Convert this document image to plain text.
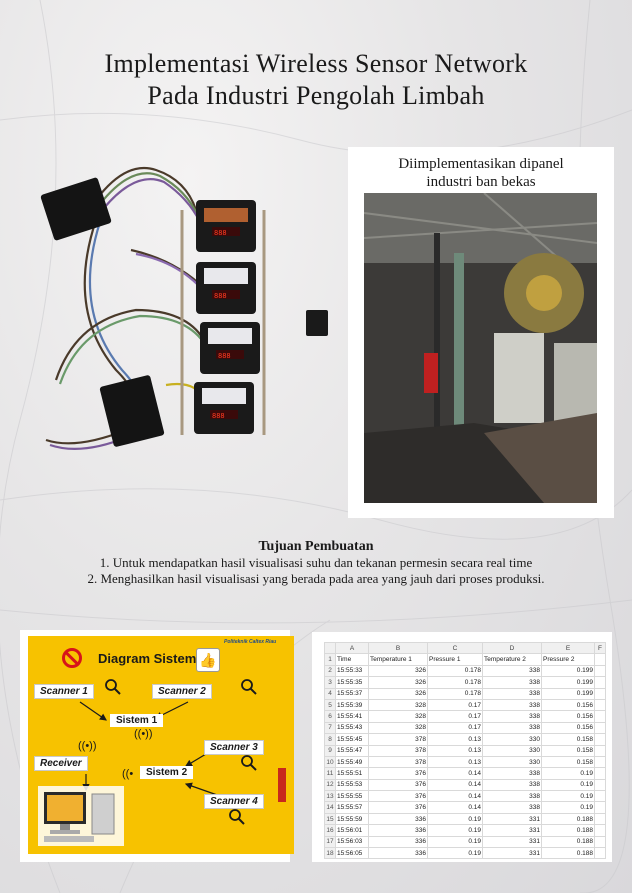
Implementasi Wireless Sensor Network
Pada Industri Pengolah Limbah
888
888
888
888
Diimplementasikan dipanel
industri ban bekas
Tujuan Pembuatan
1. Untuk mendapatkan hasil visualisasi suhu dan tekanan permesin secara real time
2. Menghasilkan hasil visualisasi yang berada pada area yang jauh dari proses produksi.
Diagram Sistem 👍
Politeknik Caltex Riau
Scanner 1	Scanner 2
Sistem 1
((•))
((•))
Receiver
Scanner 3
((•	Sistem 2
Scanner 4
	A	B	C	D	E	F
1	Time	Temperature 1	Pressure 1	Temperature 2	Pressure 2	
2	15:55:33	326	0.178	338	0.199	
3	15:55:35	326	0.178	338	0.199	
4	15:55:37	326	0.178	338	0.199	
5	15:55:39	328	0.17	338	0.156	
6	15:55:41	328	0.17	338	0.156	
7	15:55:43	328	0.17	338	0.156	
8	15:55:45	378	0.13	330	0.158	
9	15:55:47	378	0.13	330	0.158	
10	15:55:49	378	0.13	330	0.158	
11	15:55:51	376	0.14	338	0.19	
12	15:55:53	376	0.14	338	0.19	
13	15:55:55	376	0.14	338	0.19	
14	15:55:57	376	0.14	338	0.19	
15	15:55:59	336	0.19	331	0.188	
16	15:56:01	336	0.19	331	0.188	
17	15:56:03	336	0.19	331	0.188	
18	15:56:05	336	0.19	331	0.188	
